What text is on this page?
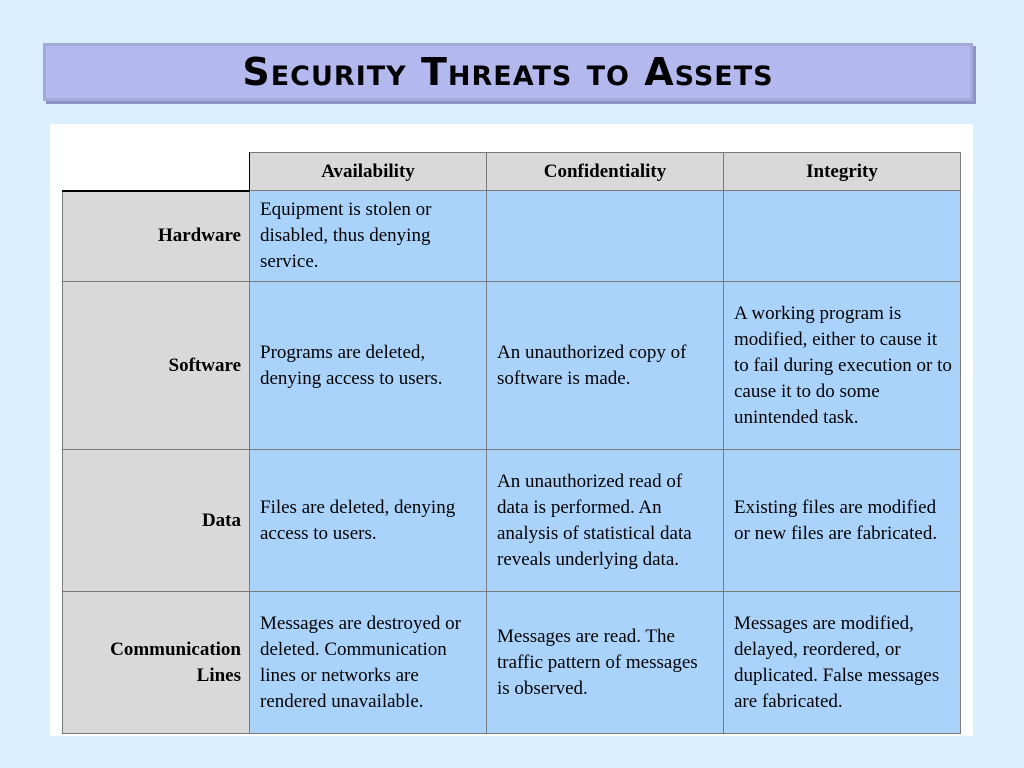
Security Threats to Assets
	Availability	Confidentiality	Integrity
Hardware	Equipment is stolen or disabled, thus denying service.		
Software	Programs are deleted, denying access to users.	An unauthorized copy of software is made.	A working program is modified, either to cause it to fail during execution or to cause it to do some unintended task.
Data	Files are deleted, denying access to users.	An unauthorized read of data is performed. An analysis of statistical data reveals underlying data.	Existing files are modified or new files are fabricated.
Communication Lines	Messages are destroyed or deleted. Communication lines or networks are rendered unavailable.	Messages are read. The traffic pattern of messages is observed.	Messages are modified, delayed, reordered, or duplicated. False messages are fabricated.
